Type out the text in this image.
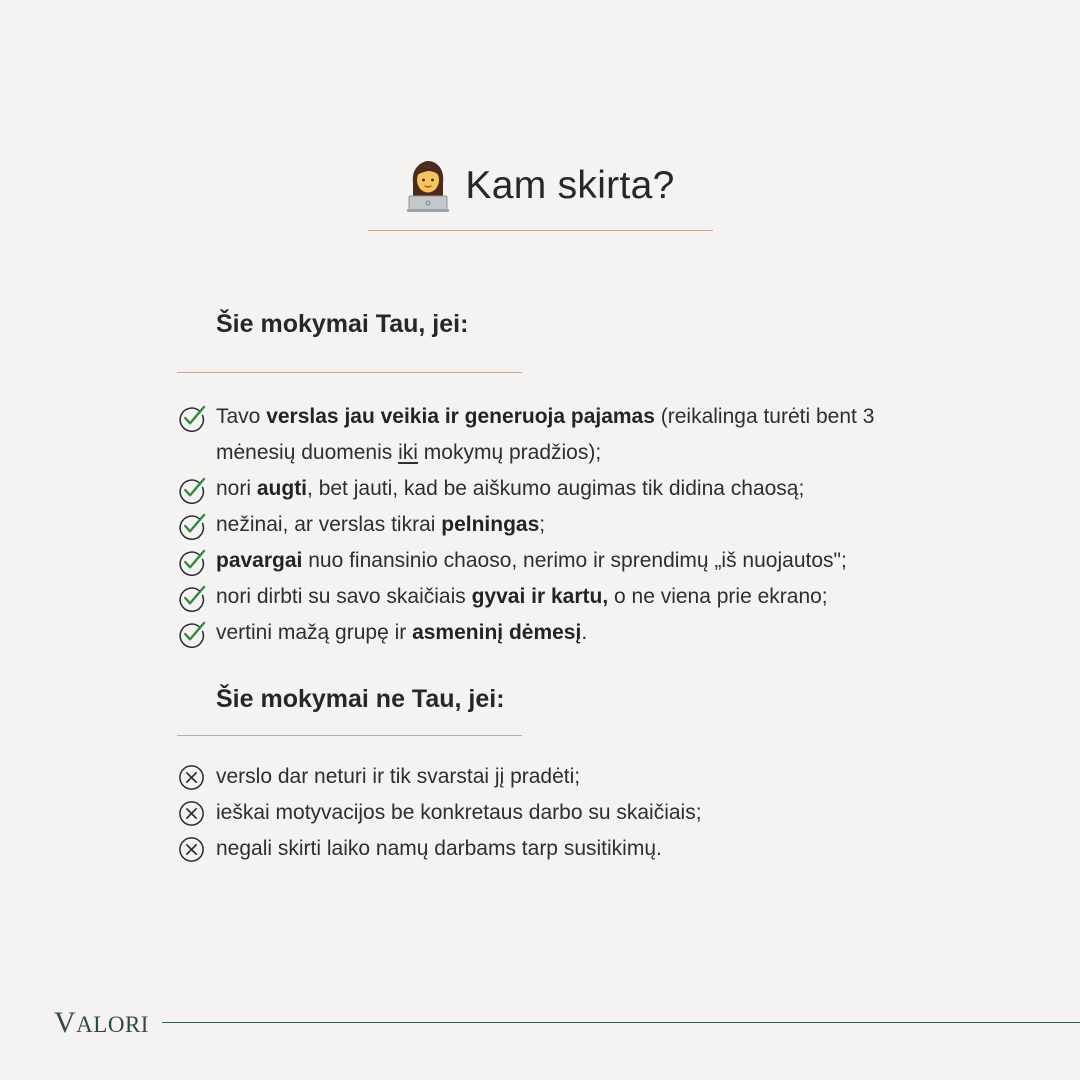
Kam skirta?
Šie mokymai Tau, jei:
Tavo verslas jau veikia ir generuoja pajamas (reikalinga turėti bent 3 mėnesių duomenis iki mokymų pradžios);
nori augti, bet jauti, kad be aiškumo augimas tik didina chaosą;
nežinai, ar verslas tikrai pelningas;
pavargai nuo finansinio chaoso, nerimo ir sprendimų „iš nuojautos";
nori dirbti su savo skaičiais gyvai ir kartu, o ne viena prie ekrano;
vertini mažą grupę ir asmeninį dėmesį.
Šie mokymai ne Tau, jei:
verslo dar neturi ir tik svarstai jį pradėti;
ieškai motyvacijos be konkretaus darbo su skaičiais;
negali skirti laiko namų darbams tarp susitikimų.
VALORI
